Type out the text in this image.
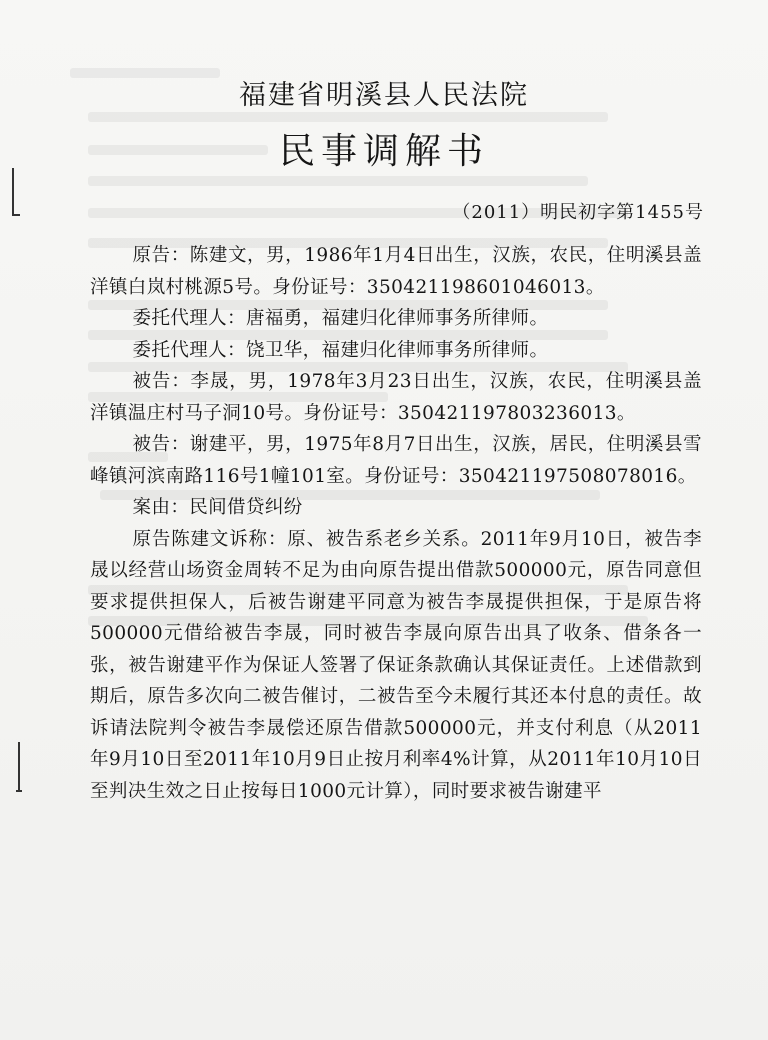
福建省明溪县人民法院
民事调解书
（2011）明民初字第1455号

原告：陈建文，男，1986年1月4日出生，汉族，农民，住明溪县盖洋镇白岚村桃源5号。身份证号：350421198601046013。

委托代理人：唐福勇，福建归化律师事务所律师。

委托代理人：饶卫华，福建归化律师事务所律师。

被告：李晟，男，1978年3月23日出生，汉族，农民，住明溪县盖洋镇温庄村马子洞10号。身份证号：350421197803236013。

被告：谢建平，男，1975年8月7日出生，汉族，居民，住明溪县雪峰镇河滨南路116号1幢101室。身份证号：350421197508078016。

案由：民间借贷纠纷

原告陈建文诉称：原、被告系老乡关系。2011年9月10日，被告李晟以经营山场资金周转不足为由向原告提出借款500000元，原告同意但要求提供担保人，后被告谢建平同意为被告李晟提供担保，于是原告将500000元借给被告李晟，同时被告李晟向原告出具了收条、借条各一张，被告谢建平作为保证人签署了保证条款确认其保证责任。上述借款到期后，原告多次向二被告催讨，二被告至今未履行其还本付息的责任。故诉请法院判令被告李晟偿还原告借款500000元，并支付利息（从2011年9月10日至2011年10月9日止按月利率4%计算，从2011年10月10日至判决生效之日止按每日1000元计算），同时要求被告谢建平
